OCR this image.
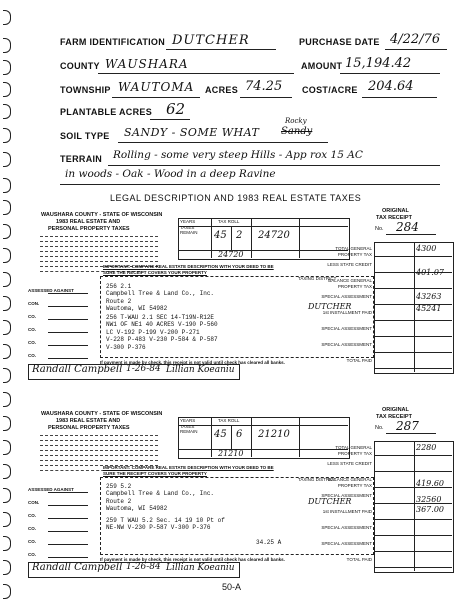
FARM IDENTIFICATION DUTCHER	PURCHASE DATE 4/22/76
COUNTY WAUSHARA	AMOUNT 15,194.42
TOWNSHIP WAUTOMA ACRES 74.25 COST/ACRE 204.64
PLANTABLE ACRES 62
SOIL TYPE SANDY - SOME WHAT
Rocky
Sandy
TERRAIN Rolling - some very steep Hills - App rox 15 AC
in woods - Oak - Wood in a deep Ravine
LEGAL DESCRIPTION AND 1983 REAL ESTATE TAXES
WAUSHARA COUNTY - STATE OF WISCONSIN
1983 REAL ESTATE AND
PERSONAL PROPERTY TAXES
YEARS TAXES REMAIN
TAX ROLL
45 2 24720
24720
ORIGINAL
TAX RECEIPT
No. 284
TOTAL GENERAL PROPERTY TAX
LESS STATE CREDIT
BALANCE GENERAL PROPERTY TAX
SPECIAL ASSESSMENT
1st INSTALLMENT PAID
SPECIAL ASSESSMENT
SPECIAL ASSESSMENT
TOTAL PAID
4300
401.07
43263
45241
IMPORTANT: COMPARE REAL ESTATE DESCRIPTION WITH YOUR DEED TO BE SURE THE RECEIPT COVERS YOUR PROPERTY
TAXING DISTRICT
DUTCHER
ASSESSED AGAINST
CON.
CO.
CO.
CO.
CO.
256 2.1
Campbell Tree & Land Co., Inc.
Route 2
Wautoma, WI 54982
256 T-WAU 2.1 SEC 14-T19N-R12E
NW1 OF NE1 40 ACRES V-190 P-560
LC V-192 P-199 V-200 P-271
V-228 P-483 V-230 P-584 & P-587
V-300 P-376
If payment is made by check, this receipt is not valid until check has cleared all banks.
Randall Campbell 1-26-84 Lillian Koeaniu
WAUSHARA COUNTY - STATE OF WISCONSIN
1983 REAL ESTATE AND
PERSONAL PROPERTY TAXES
YEARS TAXES REMAIN
TAX ROLL
45 6 21210
21210
ORIGINAL
TAX RECEIPT
No. 287
TOTAL GENERAL PROPERTY TAX
LESS STATE CREDIT
BALANCE GENERAL PROPERTY TAX
SPECIAL ASSESSMENT
1st INSTALLMENT PAID
SPECIAL ASSESSMENT
SPECIAL ASSESSMENT
TOTAL PAID
2280
419.60
32560
367.00
IMPORTANT: COMPARE REAL ESTATE DESCRIPTION WITH YOUR DEED TO BE SURE THE RECEIPT COVERS YOUR PROPERTY
TAXING DISTRICT
DUTCHER
ASSESSED AGAINST
CON.
CO.
CO.
CO.
CO.
259 5.2
Campbell Tree & Land Co., Inc.
Route 2
Wautoma, WI 54982
259 T WAU 5.2 Sec. 14 19 10 Pt of
NE-NW V-230 P-587 V-300 P-376

34.25 A
If payment is made by check, this receipt is not valid until check has cleared all banks.
Randall Campbell 1-26-84 Lillian Koeaniu
50-A
